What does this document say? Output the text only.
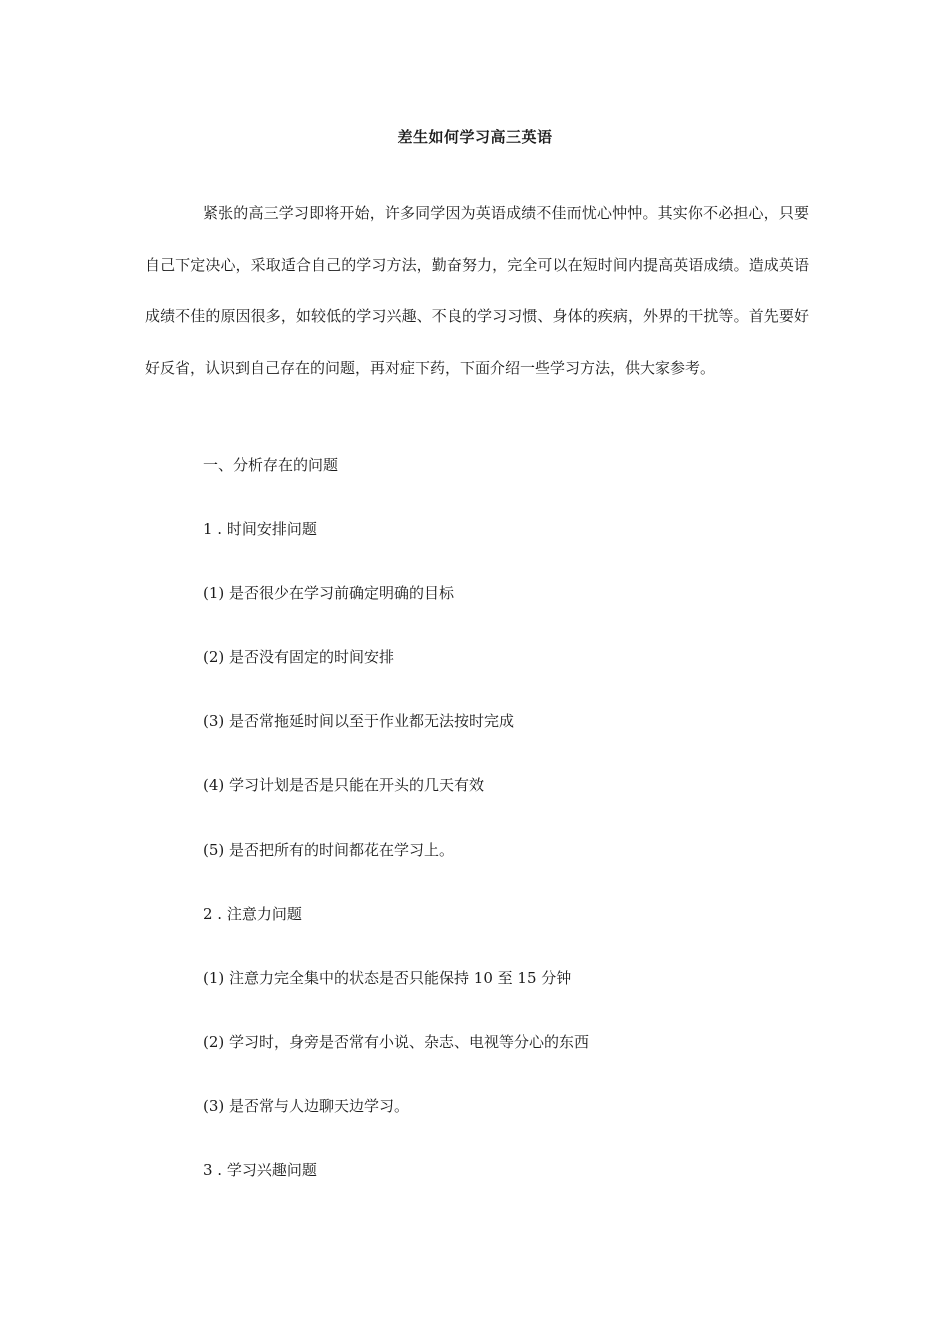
差生如何学习高三英语

紧张的高三学习即将开始，许多同学因为英语成绩不佳而忧心忡忡。其实你不必担心，只要自己下定决心，采取适合自己的学习方法，勤奋努力，完全可以在短时间内提高英语成绩。造成英语成绩不佳的原因很多，如较低的学习兴趣、不良的学习习惯、身体的疾病，外界的干扰等。首先要好好反省，认识到自己存在的问题，再对症下药，下面介绍一些学习方法，供大家参考。

一、分析存在的问题

1 . 时间安排问题

(1) 是否很少在学习前确定明确的目标

(2) 是否没有固定的时间安排

(3) 是否常拖延时间以至于作业都无法按时完成

(4) 学习计划是否是只能在开头的几天有效

(5) 是否把所有的时间都花在学习上。

2 . 注意力问题

(1) 注意力完全集中的状态是否只能保持 10 至 15 分钟

(2) 学习时，身旁是否常有小说、杂志、电视等分心的东西

(3) 是否常与人边聊天边学习。

3 . 学习兴趣问题
